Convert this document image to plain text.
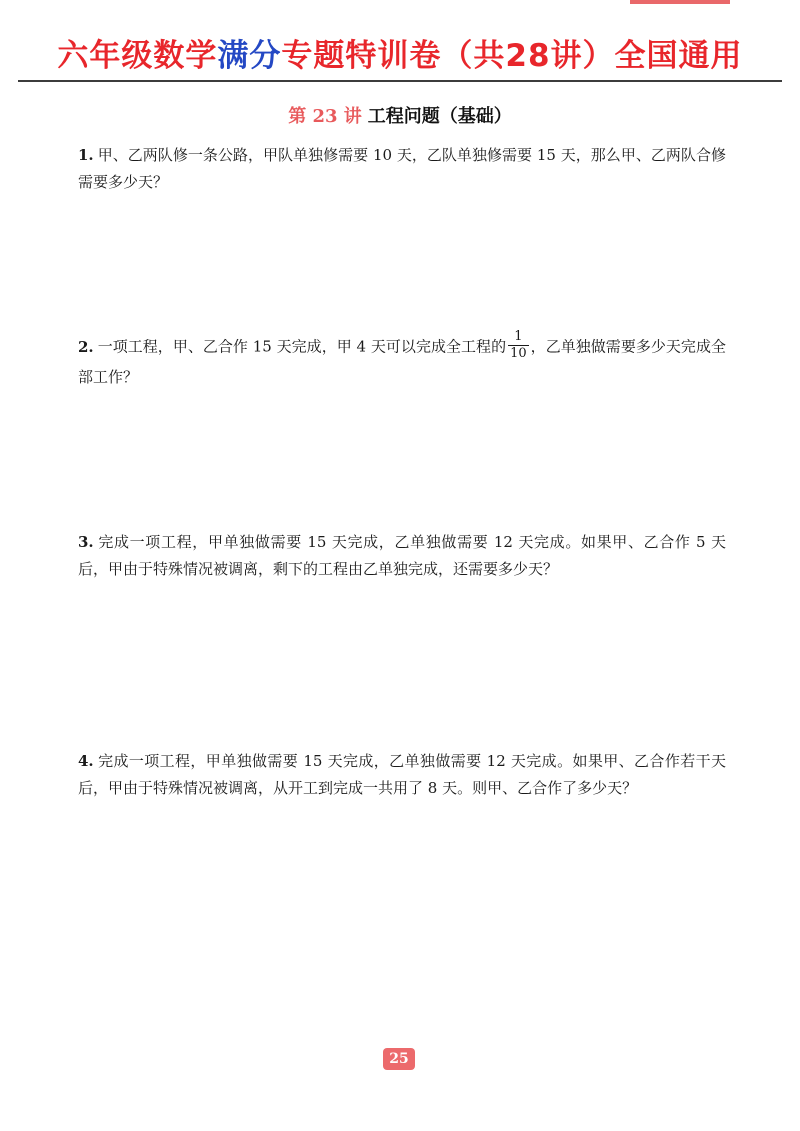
六年级数学满分专题特训卷（共28讲）全国通用
第 23 讲 工程问题（基础）
1. 甲、乙两队修一条公路，甲队单独修需要 10 天，乙队单独修需要 15 天，那么甲、乙两队合修需要多少天？
2. 一项工程，甲、乙合作 15 天完成，甲 4 天可以完成全工程的 $\frac{1}{10}$ ，乙单独做需要多少天完成全部工作？
3. 完成一项工程，甲单独做需要 15 天完成，乙单独做需要 12 天完成。如果甲、乙合作 5 天后，甲由于特殊情况被调离，剩下的工程由乙单独完成，还需要多少天？
4. 完成一项工程，甲单独做需要 15 天完成，乙单独做需要 12 天完成。如果甲、乙合作若干天后，甲由于特殊情况被调离，从开工到完成一共用了 8 天。则甲、乙合作了多少天？
25
